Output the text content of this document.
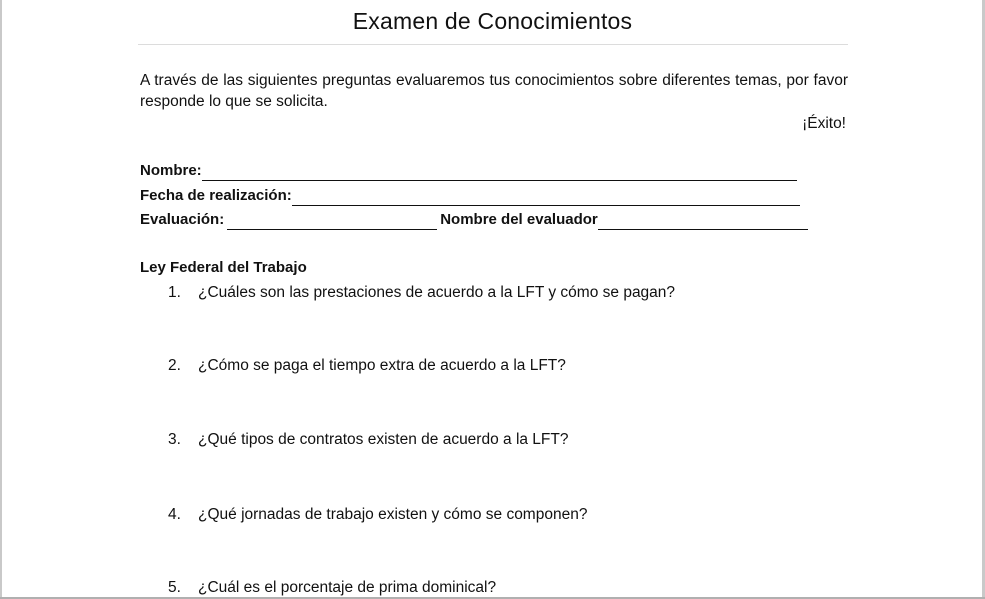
Examen de Conocimientos
A través de las siguientes preguntas evaluaremos tus conocimientos sobre diferentes temas, por favor responde lo que se solicita.
¡Éxito!
Nombre:
Fecha de realización:
Evaluación:	Nombre del evaluador
Ley Federal del Trabajo
1. ¿Cuáles son las prestaciones de acuerdo a la LFT y cómo se pagan?
2. ¿Cómo se paga el tiempo extra de acuerdo a la LFT?
3. ¿Qué tipos de contratos existen de acuerdo a la LFT?
4. ¿Qué jornadas de trabajo existen y cómo se componen?
5. ¿Cuál es el porcentaje de prima dominical?
